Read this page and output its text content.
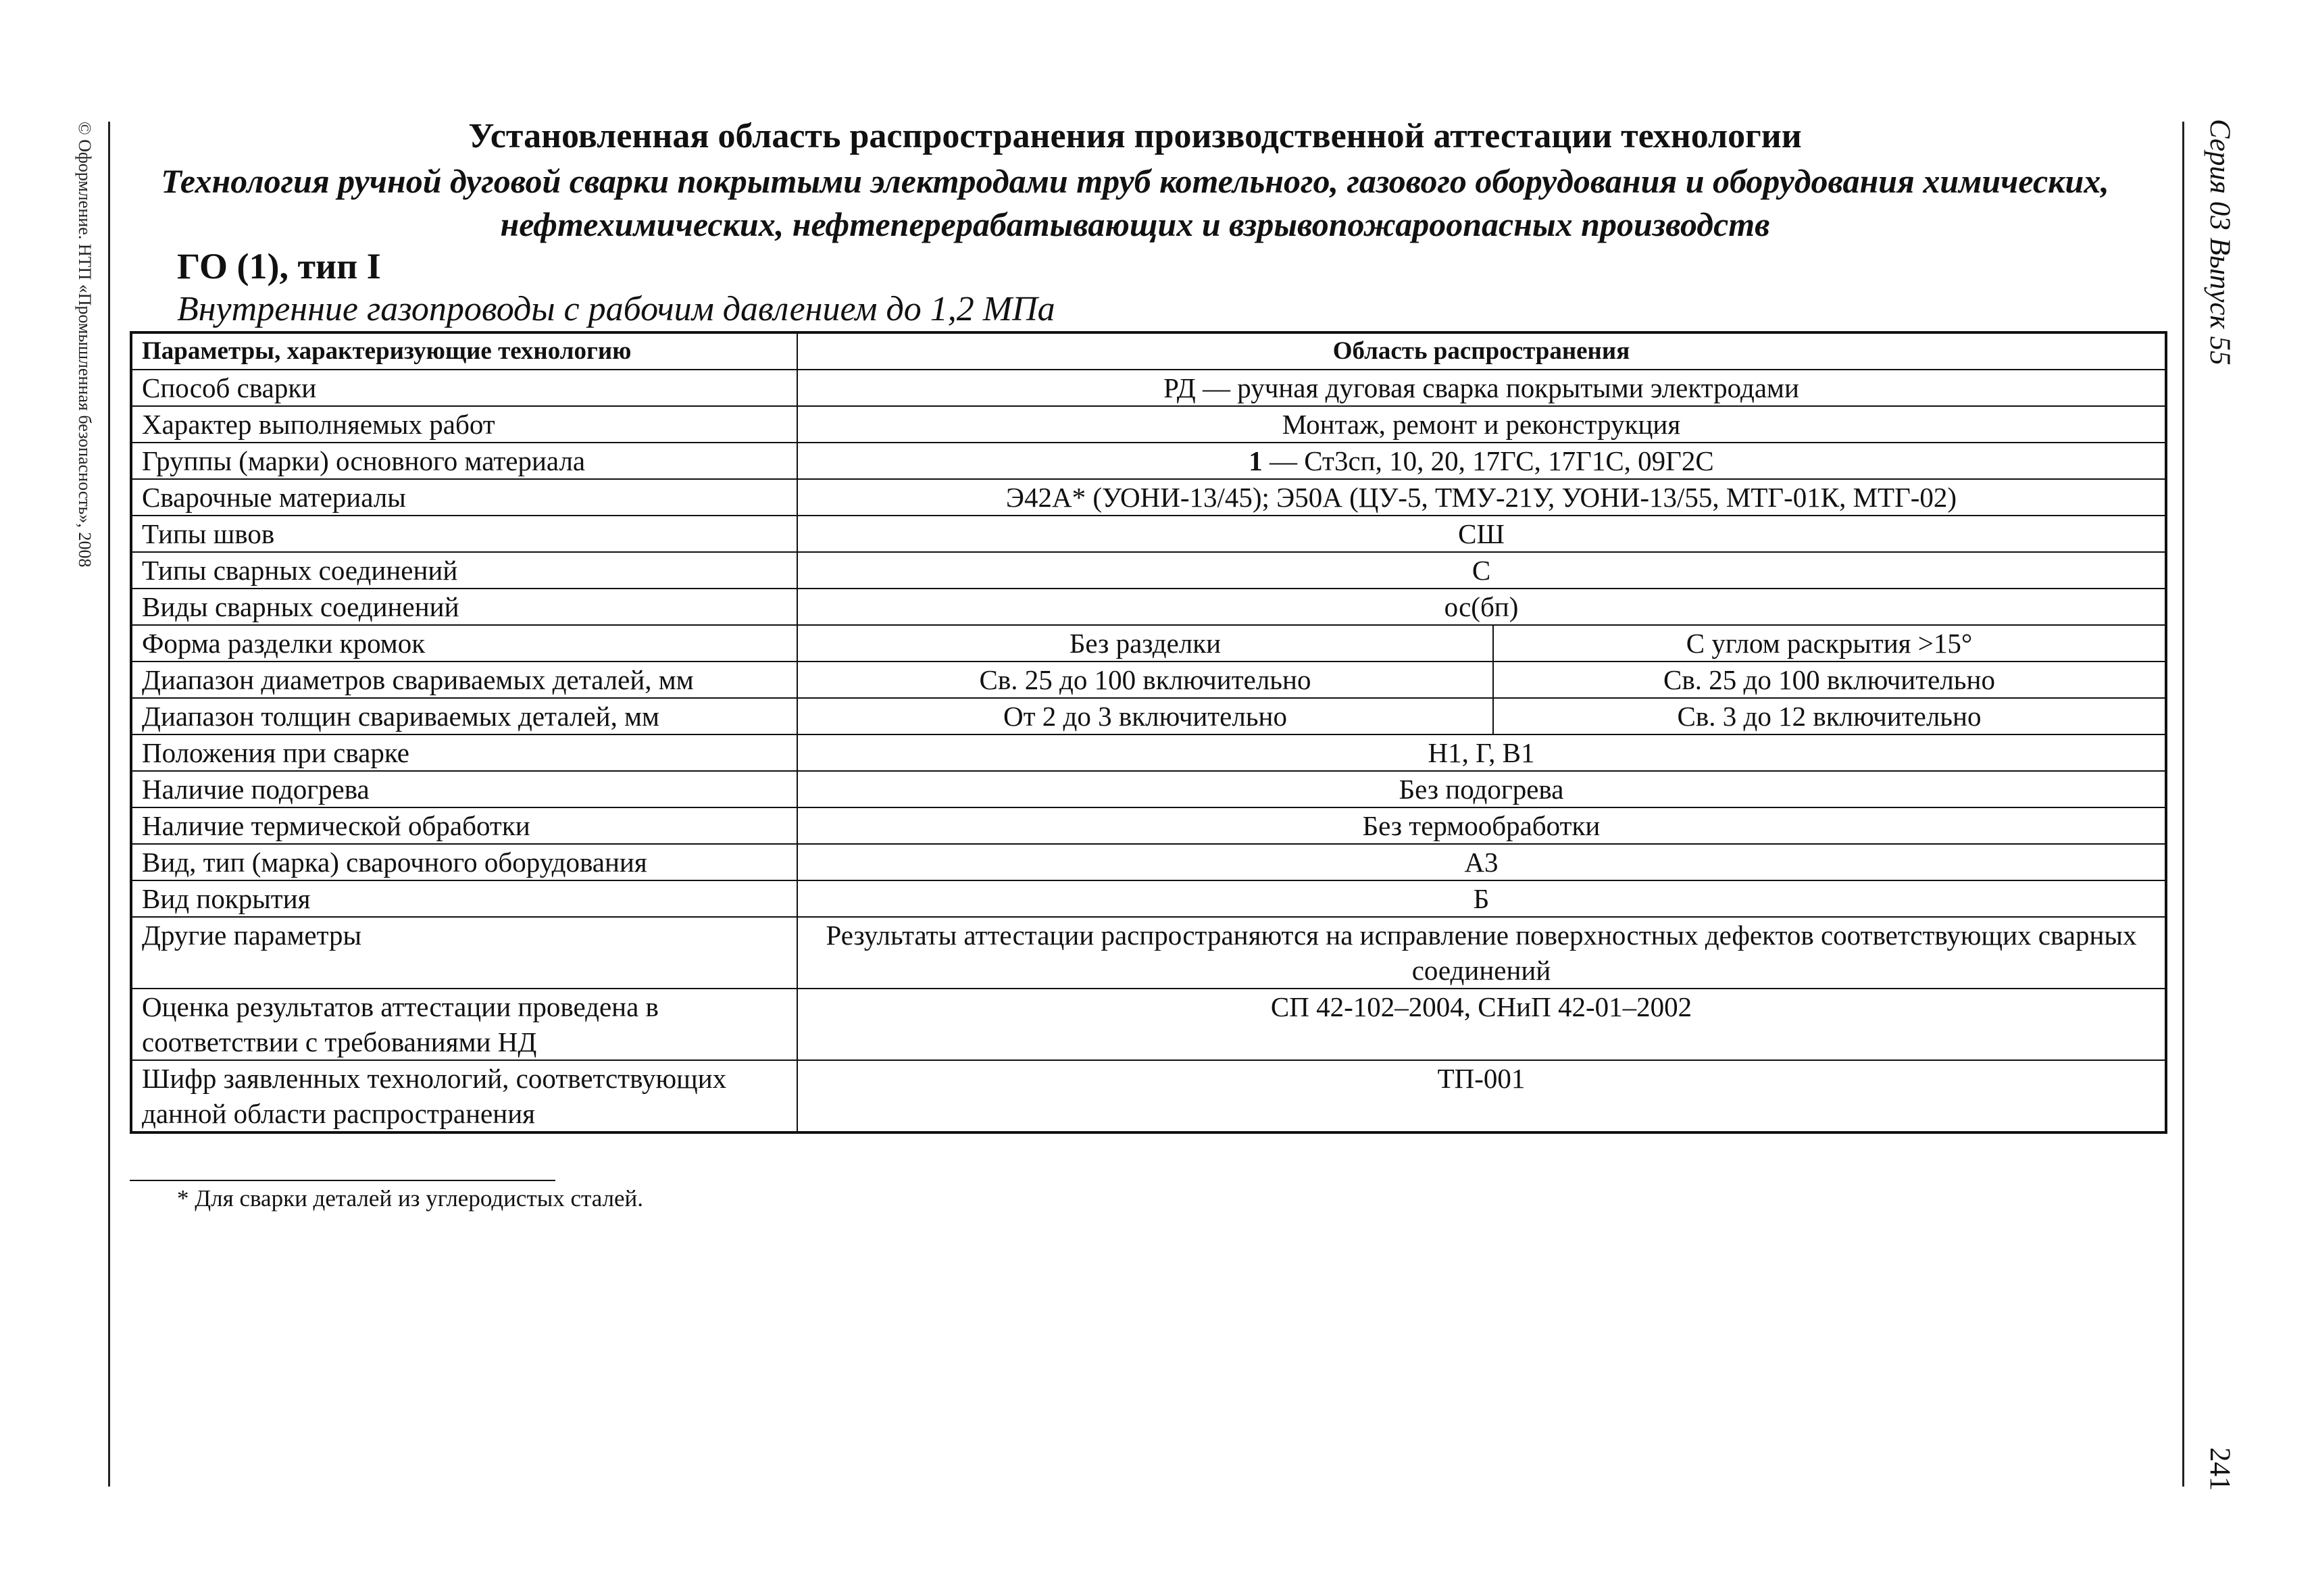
© Оформление. НТП «Промышленная безопасность», 2008	Серия 03 Выпуск 55
241
Установленная область распространения производственной аттестации технологии
Технология ручной дуговой сварки покрытыми электродами труб котельного, газового оборудования и оборудования химических,
нефтехимических, нефтеперерабатывающих и взрывопожароопасных производств
ГО (1), тип I
Внутренние газопроводы с рабочим давлением до 1,2 МПа
Параметры, характеризующие технологию	Область распространения	
Способ сварки	РД — ручная дуговая сварка покрытыми электродами	
Характер выполняемых работ	Монтаж, ремонт и реконструкция	
Группы (марки) основного материала	1 — Ст3сп, 10, 20, 17ГС, 17Г1С, 09Г2С	
Сварочные материалы	Э42А* (УОНИ-13/45); Э50А (ЦУ-5, ТМУ-21У, УОНИ-13/55, МТГ-01К, МТГ-02)	
Типы швов	СШ	
Типы сварных соединений	С	
Виды сварных соединений	ос(бп)	
Форма разделки кромок	Без разделки	С углом раскрытия >15°
Диапазон диаметров свариваемых деталей, мм	Св. 25 до 100 включительно	Св. 25 до 100 включительно
Диапазон толщин свариваемых деталей, мм	От 2 до 3 включительно	Св. 3 до 12 включительно
Положения при сварке	Н1, Г, В1	
Наличие подогрева	Без подогрева	
Наличие термической обработки	Без термообработки	
Вид, тип (марка) сварочного оборудования	А3	
Вид покрытия	Б	
Другие параметры	Результаты аттестации распространяются на исправление поверхностных дефектов соответствующих сварных соединений	
Оценка результатов аттестации проведена в соответствии с требованиями НД	СП 42-102–2004, СНиП 42-01–2002	
Шифр заявленных технологий, соответствующих данной области распространения	ТП-001	
* Для сварки деталей из углеродистых сталей.
